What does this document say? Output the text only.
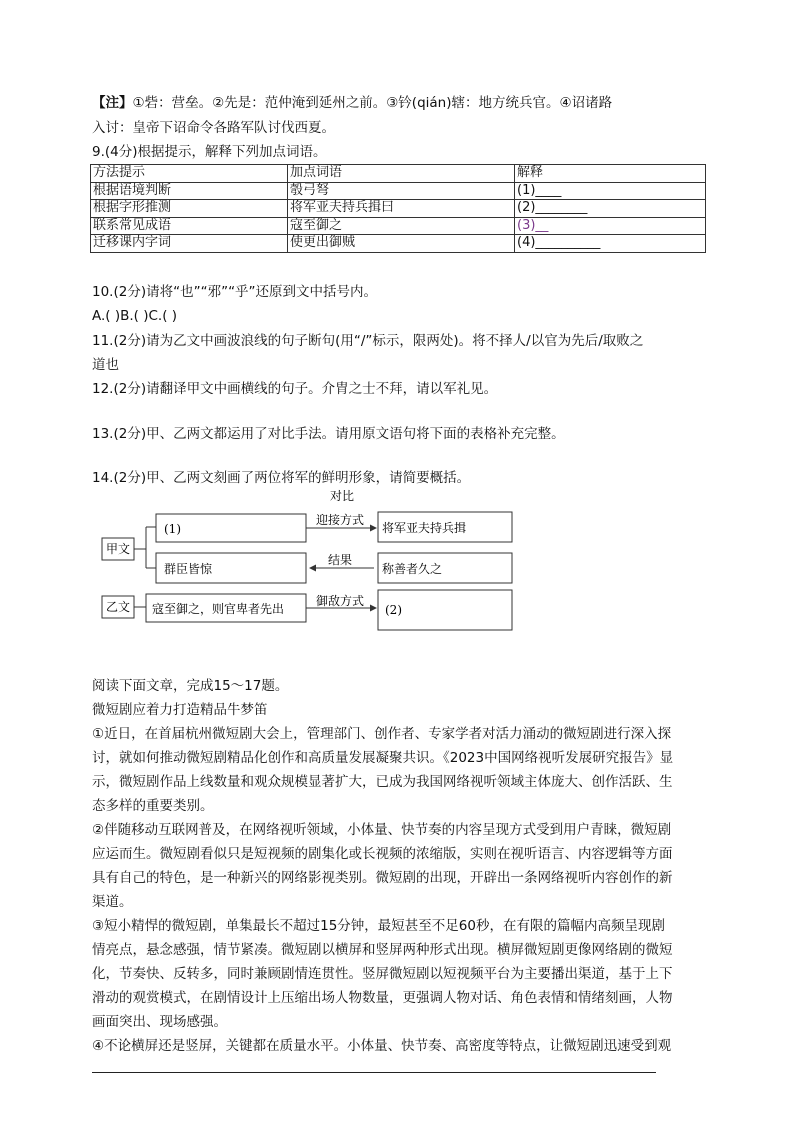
【注】①砦：营垒。②先是：范仲淹到延州之前。③钤(qián)辖：地方统兵官。④诏诸路
入讨：皇帝下诏命令各路军队讨伐西夏。
9.(4分)根据提示，解释下列加点词语。
方法提示	加点词语	解释
根据语境判断	彀弓弩	(1)____
根据字形推测	将军亚夫持兵揖曰	(2)________
联系常见成语	寇至御之	(3)__
迁移课内字词	使更出御贼	(4)__________
10.(2分)请将“也”“邪”“乎”还原到文中括号内。
A.( )B.( )C.( )
11.(2分)请为乙文中画波浪线的句子断句(用“/”标示，限两处)。将不择人/以官为先后/取败之
道也
12.(2分)请翻译甲文中画横线的句子。介胄之士不拜，请以军礼见。
13.(2分)甲、乙两文都运用了对比手法。请用原文语句将下面的表格补充完整。
14.(2分)甲、乙两文刻画了两位将军的鲜明形象，请简要概括。
对比
甲文
(1)
群臣皆惊
迎接方式
结果
将军亚夫持兵揖
称善者久之
乙文 寇至御之，则官卑者先出
御敌方式
(2)
阅读下面文章，完成15～17题。
微短剧应着力打造精品牛梦笛
①近日，在首届杭州微短剧大会上，管理部门、创作者、专家学者对活力涌动的微短剧进行深入探
讨，就如何推动微短剧精品化创作和高质量发展凝聚共识。《2023中国网络视听发展研究报告》显
示，微短剧作品上线数量和观众规模显著扩大，已成为我国网络视听领域主体庞大、创作活跃、生
态多样的重要类别。
②伴随移动互联网普及，在网络视听领域，小体量、快节奏的内容呈现方式受到用户青睐，微短剧
应运而生。微短剧看似只是短视频的剧集化或长视频的浓缩版，实则在视听语言、内容逻辑等方面
具有自己的特色，是一种新兴的网络影视类别。微短剧的出现，开辟出一条网络视听内容创作的新
渠道。
③短小精悍的微短剧，单集最长不超过15分钟，最短甚至不足60秒，在有限的篇幅内高频呈现剧
情亮点，悬念感强，情节紧凑。微短剧以横屏和竖屏两种形式出现。横屏微短剧更像网络剧的微短
化，节奏快、反转多，同时兼顾剧情连贯性。竖屏微短剧以短视频平台为主要播出渠道，基于上下
滑动的观赏模式，在剧情设计上压缩出场人物数量，更强调人物对话、角色表情和情绪刻画，人物
画面突出、现场感强。
④不论横屏还是竖屏，关键都在质量水平。小体量、快节奏、高密度等特点，让微短剧迅速受到观
